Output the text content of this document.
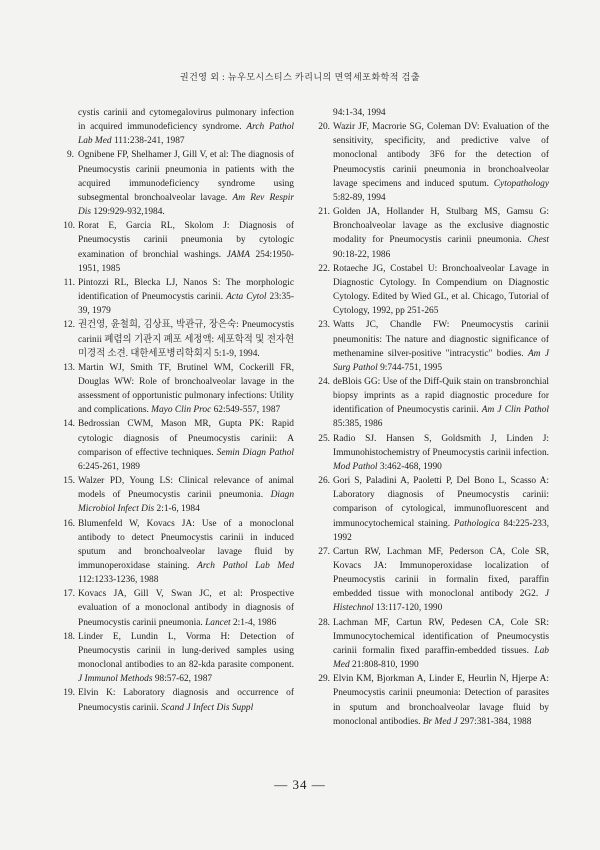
권건영 외 : 뉴우모시스티스 카리니의 면역세포화학적 검출

cystis carinii and cytomegalovirus pulmonary infection in acquired immunodeficiency syndrome. Arch Pathol Lab Med 111:238-241, 1987

9. Ognibene FP, Shelhamer J, Gill V, et al: The diagnosis of Pneumocystis carinii pneumonia in patients with the acquired immunodeficiency syndrome using subsegmental bronchoalveolar lavage. Am Rev Respir Dis 129:929-932,1984.

10. Rorat E, Garcia RL, Skolom J: Diagnosis of Pneumocystis carinii pneumonia by cytologic examination of bronchial washings. JAMA 254:1950-1951, 1985

11. Pintozzi RL, Blecka LJ, Nanos S: The morphologic identification of Pneumocystis carinii. Acta Cytol 23:35-39, 1979

12. 권건영, 윤철희, 김상표, 박관규, 장은숙: Pneumocystis carinii 폐렴의 기관지 폐포 세정액: 세포학적 및 전자현미경적 소견. 대한세포병리학회지 5:1-9, 1994.

13. Martin WJ, Smith TF, Brutinel WM, Cockerill FR, Douglas WW: Role of bronchoalveolar lavage in the assessment of opportunistic pulmonary infections: Utility and complications. Mayo Clin Proc 62:549-557, 1987

14. Bedrossian CWM, Mason MR, Gupta PK: Rapid cytologic diagnosis of Pneumocystis carinii: A comparison of effective techniques. Semin Diagn Pathol 6:245-261, 1989

15. Walzer PD, Young LS: Clinical relevance of animal models of Pneumocystis carinii pneumonia. Diagn Microbiol Infect Dis 2:1-6, 1984

16. Blumenfeld W, Kovacs JA: Use of a monoclonal antibody to detect Pneumocystis carinii in induced sputum and bronchoalveolar lavage fluid by immunoperoxidase staining. Arch Pathol Lab Med 112:1233-1236, 1988

17. Kovacs JA, Gill V, Swan JC, et al: Prospective evaluation of a monoclonal antibody in diagnosis of Pneumocystis carinii pneumonia. Lancet 2:1-4, 1986

18. Linder E, Lundin L, Vorma H: Detection of Pneumocystis carinii in lung-derived samples using monoclonal antibodies to an 82-kda parasite component. J Immunol Methods 98:57-62, 1987

19. Elvin K: Laboratory diagnosis and occurrence of Pneumocystis carinii. Scand J Infect Dis Suppl

94:1-34, 1994

20. Wazir JF, Macrorie SG, Coleman DV: Evaluation of the sensitivity, specificity, and predictive valve of monoclonal antibody 3F6 for the detection of Pneumocystis carinii pneumonia in bronchoalveolar lavage specimens and induced sputum. Cytopathology 5:82-89, 1994

21. Golden JA, Hollander H, Stulbarg MS, Gamsu G: Bronchoalveolar lavage as the exclusive diagnostic modality for Pneumocystis carinii pneumonia. Chest 90:18-22, 1986

22. Rotaeche JG, Costabel U: Bronchoalveolar Lavage in Diagnostic Cytology. In Compendium on Diagnostic Cytology. Edited by Wied GL, et al. Chicago, Tutorial of Cytology, 1992, pp 251-265

23. Watts JC, Chandle FW: Pneumocystis carinii pneumonitis: The nature and diagnostic significance of methenamine silver-positive "intracystic" bodies. Am J Surg Pathol 9:744-751, 1995

24. deBlois GG: Use of the Diff-Quik stain on transbronchial biopsy imprints as a rapid diagnostic procedure for identification of Pneumocystis carinii. Am J Clin Pathol 85:385, 1986

25. Radio SJ. Hansen S, Goldsmith J, Linden J: Immunohistochemistry of Pneumocystis carinii infection. Mod Pathol 3:462-468, 1990

26. Gori S, Paladini A, Paoletti P, Del Bono L, Scasso A: Laboratory diagnosis of Pneumocystis carinii: comparison of cytological, immunofluorescent and immunocytochemical staining. Pathologica 84:225-233, 1992

27. Cartun RW, Lachman MF, Pederson CA, Cole SR, Kovacs JA: Immunoperoxidase localization of Pneumocystis carinii in formalin fixed, paraffin embedded tissue with monoclonal antibody 2G2. J Histechnol 13:117-120, 1990

28. Lachman MF, Cartun RW, Pedesen CA, Cole SR: Immunocytochemical identification of Pneumocystis carinii formalin fixed paraffin-embedded tissues. Lab Med 21:808-810, 1990

29. Elvin KM, Bjorkman A, Linder E, Heurlin N, Hjerpe A: Pneumocystis carinii pneumonia: Detection of parasites in sputum and bronchoalveolar lavage fluid by monoclonal antibodies. Br Med J 297:381-384, 1988

— 34 —
